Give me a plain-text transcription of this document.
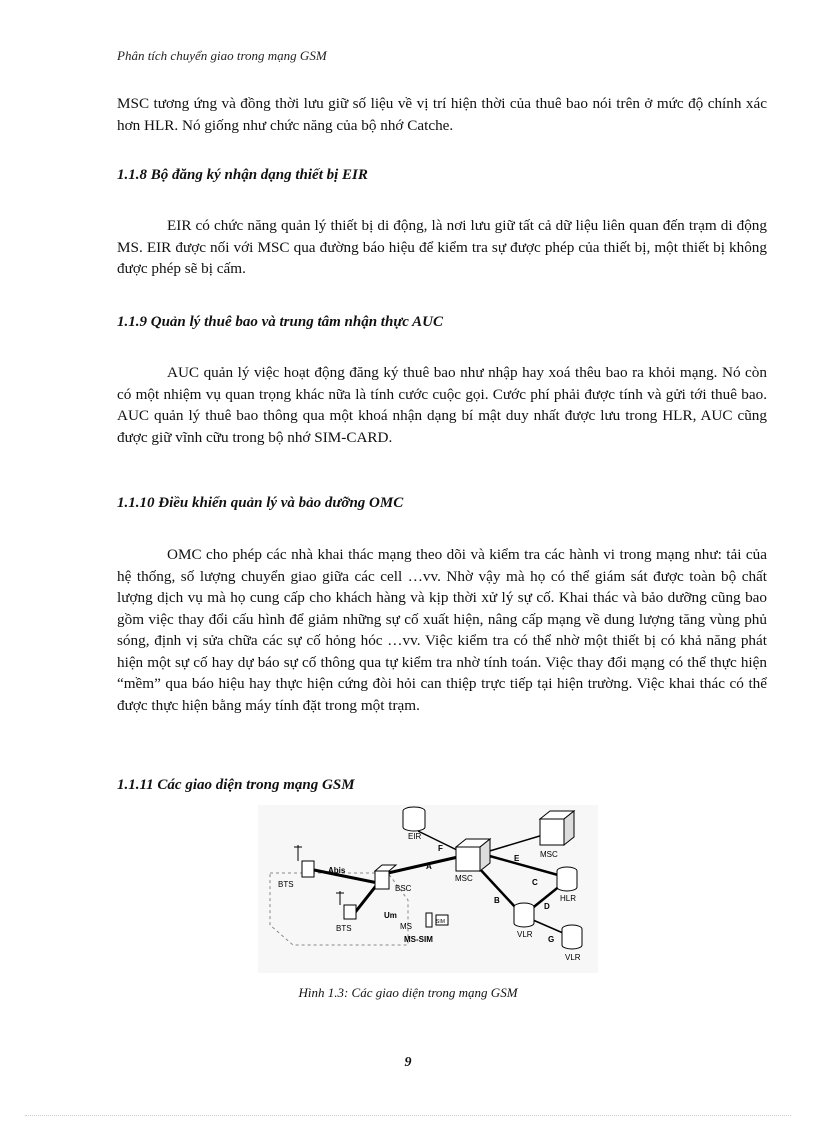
Phân tích chuyển giao trong mạng GSM

MSC tương ứng và đồng thời lưu giữ số liệu về vị trí hiện thời của thuê bao nói trên ở mức độ chính xác hơn HLR. Nó giống như chức năng của bộ nhớ Catche.

1.1.8 Bộ đăng ký nhận dạng thiết bị EIR

EIR có chức năng quản lý thiết bị di động, là nơi lưu giữ tất cả dữ liệu liên quan đến trạm di động MS. EIR được nối với MSC qua đường báo hiệu để kiểm tra sự được phép của thiết bị, một thiết bị không được phép sẽ bị cấm.

1.1.9 Quản lý thuê bao và trung tâm nhận thực AUC

AUC quản lý việc hoạt động đăng ký thuê bao như nhập hay xoá thêu bao ra khỏi mạng. Nó còn có một nhiệm vụ quan trọng khác nữa là tính cước cuộc gọi. Cước phí phải được tính và gửi tới thuê bao. AUC quản lý thuê bao thông qua một khoá nhận dạng bí mật duy nhất được lưu trong HLR, AUC cũng được giữ vĩnh cữu trong bộ nhớ SIM-CARD.

1.1.10 Điều khiển quản lý và bảo dưỡng OMC

OMC cho phép các nhà khai thác mạng theo dõi và kiểm tra các hành vi trong mạng như: tải của hệ thống, số lượng chuyển giao giữa các cell …vv. Nhờ vậy mà họ có thể giám sát được toàn bộ chất lượng dịch vụ mà họ cung cấp cho khách hàng và kịp thời xử lý sự cố. Khai thác và bảo dưỡng cũng bao gồm việc thay đổi cấu hình để giảm những sự cố xuất hiện, nâng cấp mạng về dung lượng tăng vùng phủ sóng, định vị sửa chữa các sự cố hỏng hóc …vv. Việc kiểm tra có thể nhờ một thiết bị có khả năng phát hiện một sự cố hay dự báo sự cố thông qua tự kiểm tra nhờ tính toán. Việc thay đổi mạng có thể thực hiện “mềm” qua báo hiệu hay thực hiện cứng đòi hỏi can thiệp trực tiếp tại hiện trường. Việc khai thác có thể được thực hiện bằng máy tính đặt trong một trạm.

1.1.11 Các giao diện trong mạng GSM
EIR
MSC
MSC
HLR
VLR
VLR
BSC
BTS
BTS	MS	SIM
MS-SIM
Abis
Um
A
F
E
B
C
D
G
Hình 1.3: Các giao diện trong mạng GSM
9
